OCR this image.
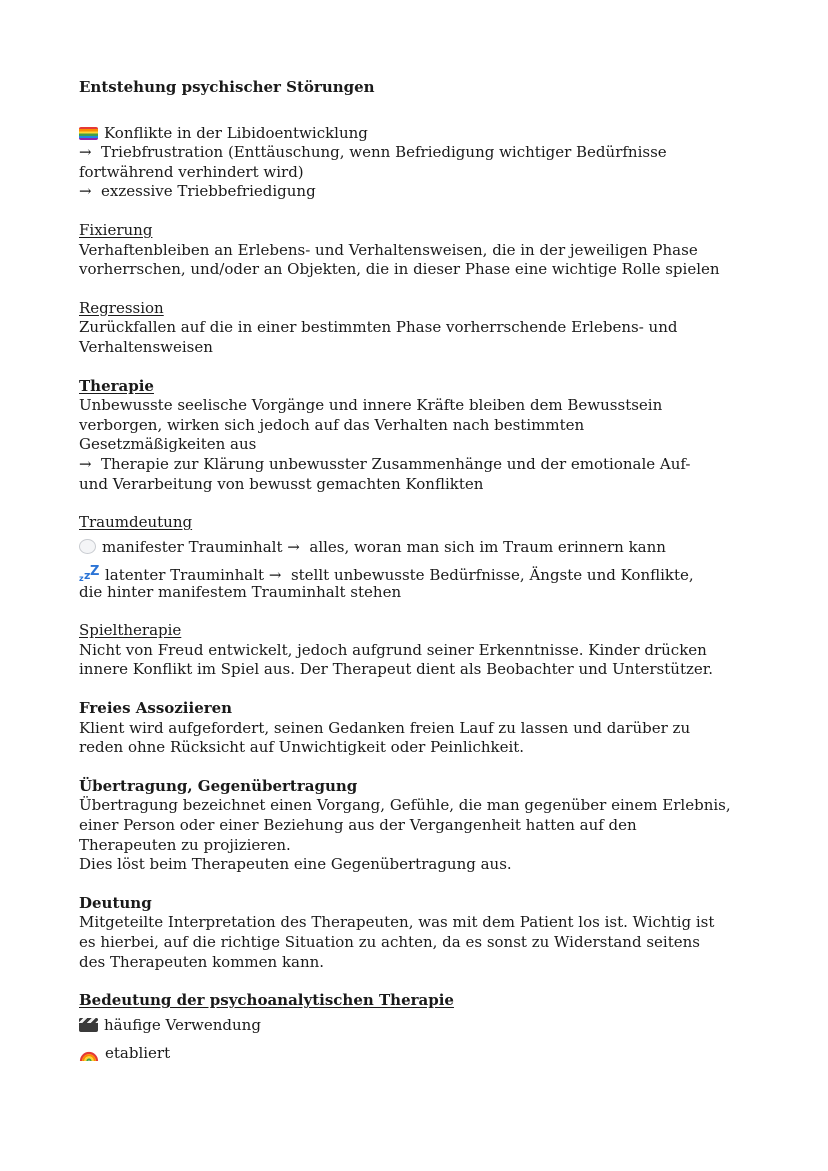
Entstehung psychischer Störungen

Konflikte in der Libidoentwicklung

→ Triebfrustration (Enttäuschung, wenn Befriedigung wichtiger Bedürfnisse

fortwährend verhindert wird)

→ exzessive Triebbefriedigung

Fixierung

Verhaftenbleiben an Erlebens- und Verhaltensweisen, die in der jeweiligen Phase

vorherrschen, und/oder an Objekten, die in dieser Phase eine wichtige Rolle spielen

Regression

Zurückfallen auf die in einer bestimmten Phase vorherrschende Erlebens- und

Verhaltensweisen

Therapie

Unbewusste seelische Vorgänge und innere Kräfte bleiben dem Bewusstsein

verborgen, wirken sich jedoch auf das Verhalten nach bestimmten

Gesetzmäßigkeiten aus

→ Therapie zur Klärung unbewusster Zusammenhänge und der emotionale Auf-

und Verarbeitung von bewusst gemachten Konflikten

Traumdeutung

manifester Trauminhalt → alles, woran man sich im Traum erinnern kann
z z Z latenter Trauminhalt → stellt unbewusste Bedürfnisse, Ängste und Konflikte,

die hinter manifestem Trauminhalt stehen

Spieltherapie

Nicht von Freud entwickelt, jedoch aufgrund seiner Erkenntnisse. Kinder drücken

innere Konflikt im Spiel aus. Der Therapeut dient als Beobachter und Unterstützer.

Freies Assoziieren

Klient wird aufgefordert, seinen Gedanken freien Lauf zu lassen und darüber zu

reden ohne Rücksicht auf Unwichtigkeit oder Peinlichkeit.

Übertragung, Gegenübertragung

Übertragung bezeichnet einen Vorgang, Gefühle, die man gegenüber einem Erlebnis,

einer Person oder einer Beziehung aus der Vergangenheit hatten auf den

Therapeuten zu projizieren.

Dies löst beim Therapeuten eine Gegenübertragung aus.

Deutung

Mitgeteilte Interpretation des Therapeuten, was mit dem Patient los ist. Wichtig ist

es hierbei, auf die richtige Situation zu achten, da es sonst zu Widerstand seitens

des Therapeuten kommen kann.

Bedeutung der psychoanalytischen Therapie

häufige Verwendung
etabliert
